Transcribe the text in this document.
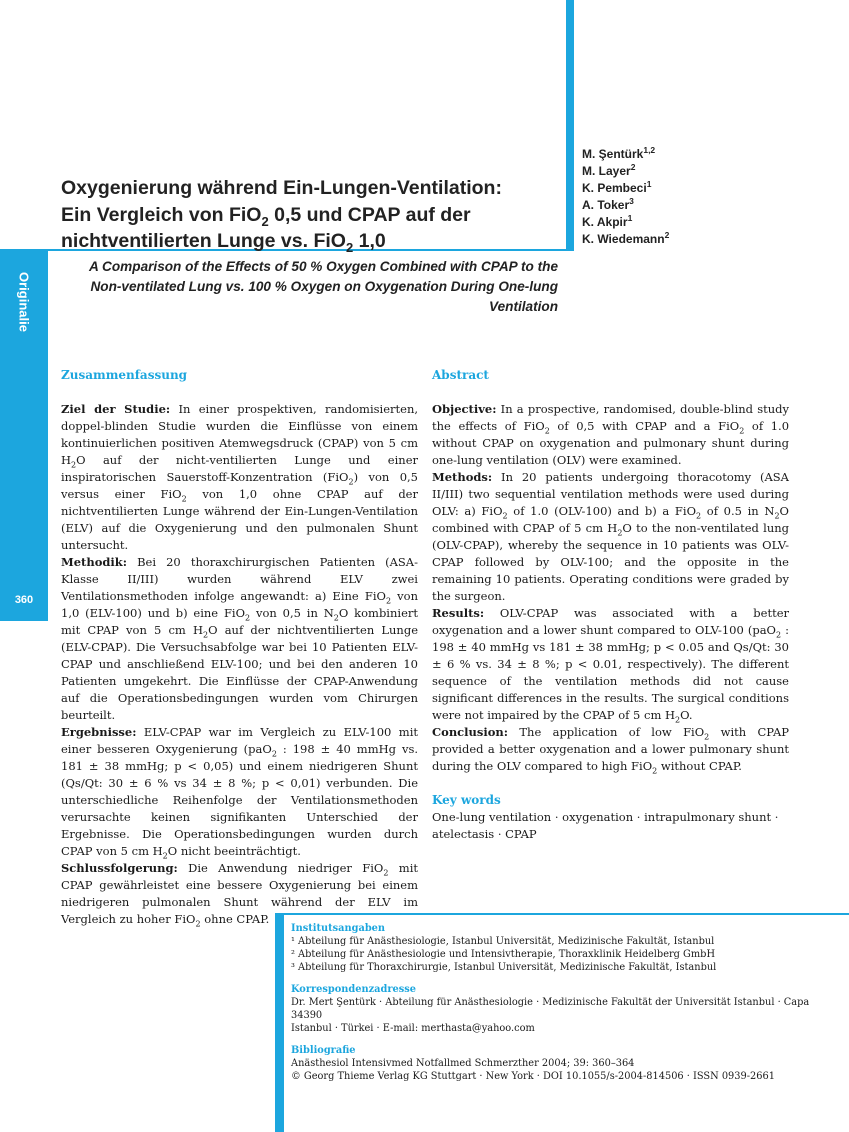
Originalie
360
Oxygenierung während Ein-Lungen-Ventilation:
Ein Vergleich von FiO$_2$ 0,5 und CPAP auf der
nichtventilierten Lunge vs. FiO$_2$ 1,0

A Comparison of the Effects of 50 % Oxygen Combined with CPAP to the Non-ventilated Lung vs. 100 % Oxygen on Oxygenation During One-lung Ventilation

M. Şentürk$^{1,2}$
M. Layer$^2$
K. Pembeci$^1$
A. Toker$^3$
K. Akpir$^1$
K. Wiedemann$^2$

Zusammenfassung

Ziel der Studie: In einer prospektiven, randomisierten, doppel-blinden Studie wurden die Einflüsse von einem kontinuierlichen positiven Atemwegsdruck (CPAP) von 5 cm $H_2O$ auf der nicht-ventilierten Lunge und einer inspiratorischen Sauerstoff-Konzentration (FiO$_2$) von 0,5 versus einer FiO$_2$ von 1,0 ohne CPAP auf der nichtventilierten Lunge während der Ein-Lungen-Ventilation (ELV) auf die Oxygenierung und den pulmonalen Shunt untersucht.

Methodik: Bei 20 thoraxchirurgischen Patienten (ASA-Klasse II/III) wurden während ELV zwei Ventilationsmethoden infolge angewandt: a) Eine FiO$_2$ von 1,0 (ELV-100) und b) eine FiO$_2$ von 0,5 in $N_2O$ kombiniert mit CPAP von 5 cm $H_2O$ auf der nichtventilierten Lunge (ELV-CPAP). Die Versuchsabfolge war bei 10 Patienten ELV-CPAP und anschließend ELV-100; und bei den anderen 10 Patienten umgekehrt. Die Einflüsse der CPAP-Anwendung auf die Operationsbedingungen wurden vom Chirurgen beurteilt.

Ergebnisse: ELV-CPAP war im Vergleich zu ELV-100 mit einer besseren Oxygenierung (paO$_2$ : 198 ± 40 mmHg vs. 181 ± 38 mmHg; p < 0,05) und einem niedrigeren Shunt (Qs/Qt: 30 ± 6 % vs 34 ± 8 %; p < 0,01) verbunden. Die unterschiedliche Reihenfolge der Ventilationsmethoden verursachte keinen signifikanten Unterschied der Ergebnisse. Die Operationsbedingungen wurden durch CPAP von 5 cm $H_2O$ nicht beeinträchtigt.

Schlussfolgerung: Die Anwendung niedriger FiO$_2$ mit CPAP gewährleistet eine bessere Oxygenierung bei einem niedrigeren pulmonalen Shunt während der ELV im Vergleich zu hoher FiO$_2$ ohne CPAP.

Abstract

Objective: In a prospective, randomised, double-blind study the effects of FiO$_2$ of 0,5 with CPAP and a FiO$_2$ of 1.0 without CPAP on oxygenation and pulmonary shunt during one-lung ventilation (OLV) were examined.

Methods: In 20 patients undergoing thoracotomy (ASA II/III) two sequential ventilation methods were used during OLV: a) FiO$_2$ of 1.0 (OLV-100) and b) a FiO$_2$ of 0.5 in $N_2O$ combined with CPAP of 5 cm $H_2O$ to the non-ventilated lung (OLV-CPAP), whereby the sequence in 10 patients was OLV-CPAP followed by OLV-100; and the opposite in the remaining 10 patients. Operating conditions were graded by the surgeon.

Results: OLV-CPAP was associated with a better oxygenation and a lower shunt compared to OLV-100 (paO$_2$ : 198 ± 40 mmHg vs 181 ± 38 mmHg; p < 0.05 and Qs/Qt: 30 ± 6 % vs. 34 ± 8 %; p < 0.01, respectively). The different sequence of the ventilation methods did not cause significant differences in the results. The surgical conditions were not impaired by the CPAP of 5 cm $H_2O$.

Conclusion: The application of low FiO$_2$ with CPAP provided a better oxygenation and a lower pulmonary shunt during the OLV compared to high FiO$_2$ without CPAP.

Key words

One-lung ventilation · oxygenation · intrapulmonary shunt · atelectasis · CPAP

Institutsangaben

¹ Abteilung für Anästhesiologie, Istanbul Universität, Medizinische Fakultät, Istanbul

² Abteilung für Anästhesiologie und Intensivtherapie, Thoraxklinik Heidelberg GmbH

³ Abteilung für Thoraxchirurgie, Istanbul Universität, Medizinische Fakultät, Istanbul

Korrespondenzadresse

Dr. Mert Şentürk · Abteilung für Anästhesiologie · Medizinische Fakultät der Universität Istanbul · Capa 34390

Istanbul · Türkei · E-mail: merthasta@yahoo.com

Bibliografie

Anästhesiol Intensivmed Notfallmed Schmerzther 2004; 39: 360–364

© Georg Thieme Verlag KG Stuttgart · New York · DOI 10.1055/s-2004-814506 · ISSN 0939-2661
